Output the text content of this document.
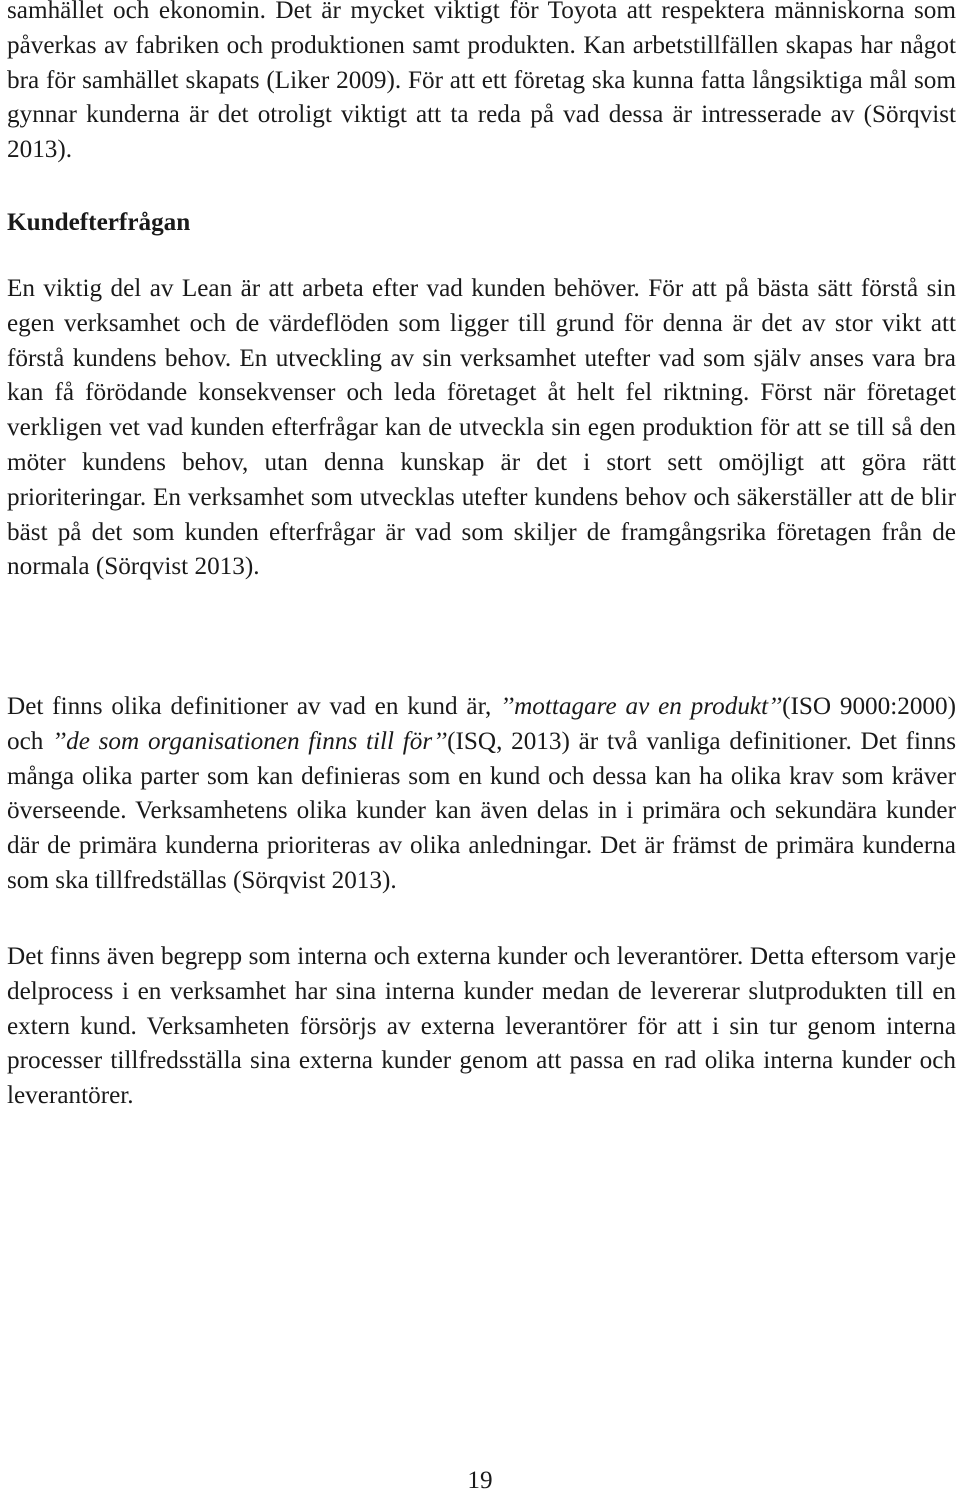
samhället och ekonomin. Det är mycket viktigt för Toyota att respektera människorna som påverkas av fabriken och produktionen samt produkten. Kan arbetstillfällen skapas har något bra för samhället skapats (Liker 2009). För att ett företag ska kunna fatta långsiktiga mål som gynnar kunderna är det otroligt viktigt att ta reda på vad dessa är intresserade av (Sörqvist 2013).

Kundefterfrågan

En viktig del av Lean är att arbeta efter vad kunden behöver. För att på bästa sätt förstå sin egen verksamhet och de värdeflöden som ligger till grund för denna är det av stor vikt att förstå kundens behov. En utveckling av sin verksamhet utefter vad som själv anses vara bra kan få förödande konsekvenser och leda företaget åt helt fel riktning. Först när företaget verkligen vet vad kunden efterfrågar kan de utveckla sin egen produktion för att se till så den möter kundens behov, utan denna kunskap är det i stort sett omöjligt att göra rätt prioriteringar. En verksamhet som utvecklas utefter kundens behov och säkerställer att de blir bäst på det som kunden efterfrågar är vad som skiljer de framgångsrika företagen från de normala (Sörqvist 2013).

Det finns olika definitioner av vad en kund är, ’’mottagare av en produkt’’(ISO 9000:2000) och ’’de som organisationen finns till för’’(ISQ, 2013) är två vanliga definitioner. Det finns många olika parter som kan definieras som en kund och dessa kan ha olika krav som kräver överseende. Verksamhetens olika kunder kan även delas in i primära och sekundära kunder där de primära kunderna prioriteras av olika anledningar. Det är främst de primära kunderna som ska tillfredställas (Sörqvist 2013).

Det finns även begrepp som interna och externa kunder och leverantörer. Detta eftersom varje delprocess i en verksamhet har sina interna kunder medan de levererar slutprodukten till en extern kund. Verksamheten försörjs av externa leverantörer för att i sin tur genom interna processer tillfredsställa sina externa kunder genom att passa en rad olika interna kunder och leverantörer.

19
